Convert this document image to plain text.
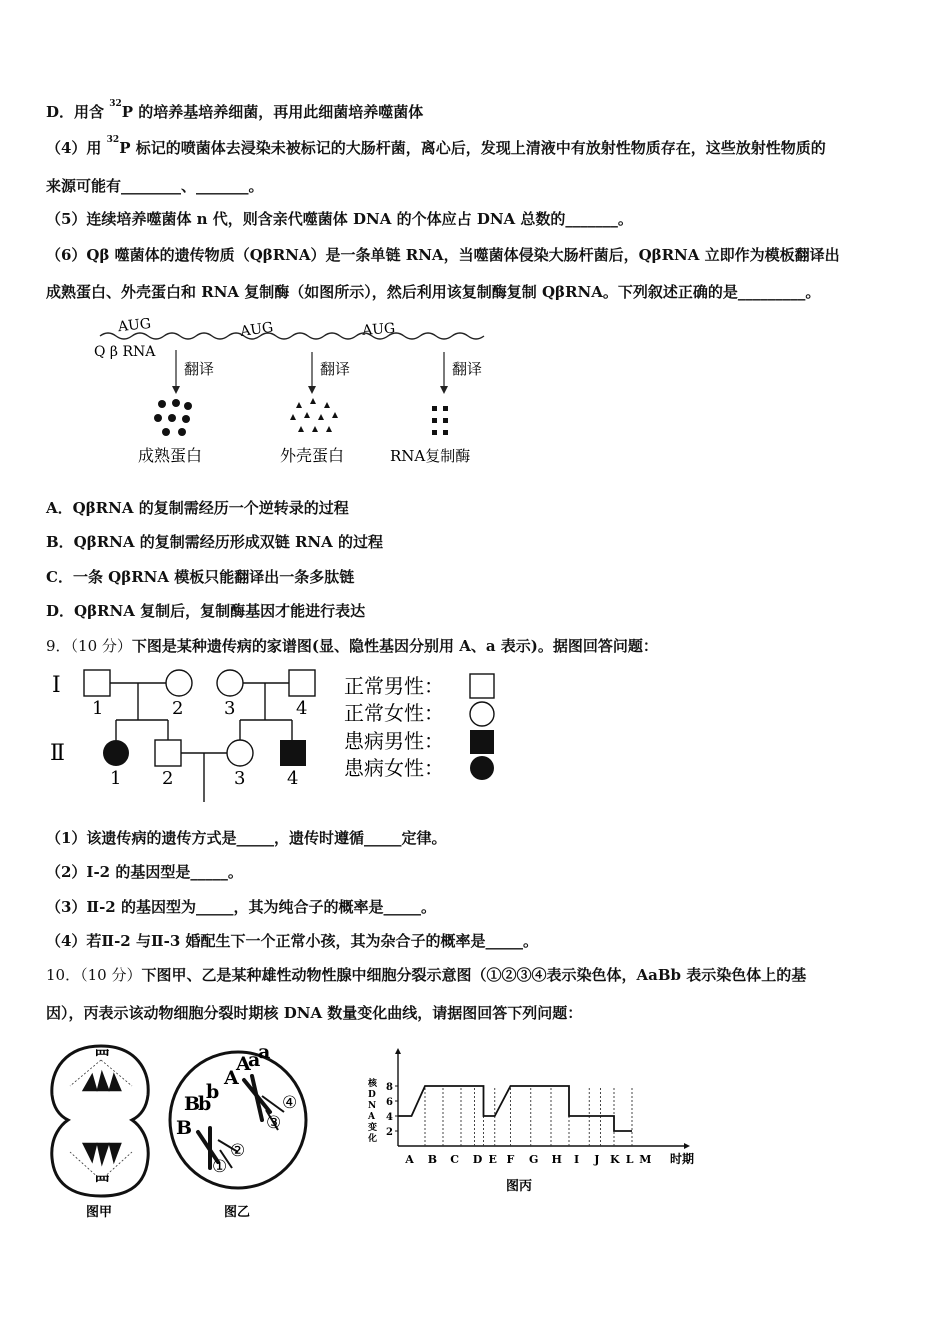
D．用含 $^{32}$P 的培养基培养细菌，再用此细菌培养噬菌体
（4）用 $^{32}$P 标记的喷菌体去浸染未被标记的大肠杆菌，离心后，发现上清液中有放射性物质存在，这些放射性物质的
来源可能有________、_______。
（5）连续培养噬菌体 n 代，则含亲代噬菌体 DNA 的个体应占 DNA 总数的_______。
（6）Qβ 噬菌体的遗传物质（QβRNA）是一条单链 RNA，当噬菌体侵染大肠杆菌后，QβRNA 立即作为模板翻译出
成熟蛋白、外壳蛋白和 RNA 复制酶（如图所示），然后利用该复制酶复制 QβRNA。下列叙述正确的是_________。
AUG	AUG	AUG
Q β RNA
翻译	翻译	翻译
成熟蛋白	外壳蛋白	RNA复制酶
A．QβRNA 的复制需经历一个逆转录的过程
B．QβRNA 的复制需经历形成双链 RNA 的过程
C．一条 QβRNA 模板只能翻译出一条多肽链
D．QβRNA 复制后，复制酶基因才能进行表达
9．（10 分）下图是某种遗传病的家谱图(显、隐性基因分别用 A、a 表示)。据图回答问题：
Ⅰ
Ⅱ
1	2 3	4
1 2	3 4
正常男性：
正常女性：
患病男性：
患病女性：
（1）该遗传病的遗传方式是_____，遗传时遵循_____定律。
（2）Ⅰ-2 的基因型是_____。
（3）Ⅱ-2 的基因型为_____，其为纯合子的概率是_____。
（4）若Ⅱ-2 与Ⅱ-3 婚配生下一个正常小孩，其为杂合子的概率是_____。
10．（10 分）下图甲、乙是某种雄性动物性腺中细胞分裂示意图（①②③④表示染色体，AaBb 表示染色体上的基
因），丙表示该动物细胞分裂时期核 DNA 数量变化曲线，请据图回答下列问题：
罒
罒
图甲
A
a
a
A
B
b
b
B
①
②
③
④
图乙
2
4
6
8
核
D
N
A
变
化
A B C D E F G H I J K L M 时期
图丙
